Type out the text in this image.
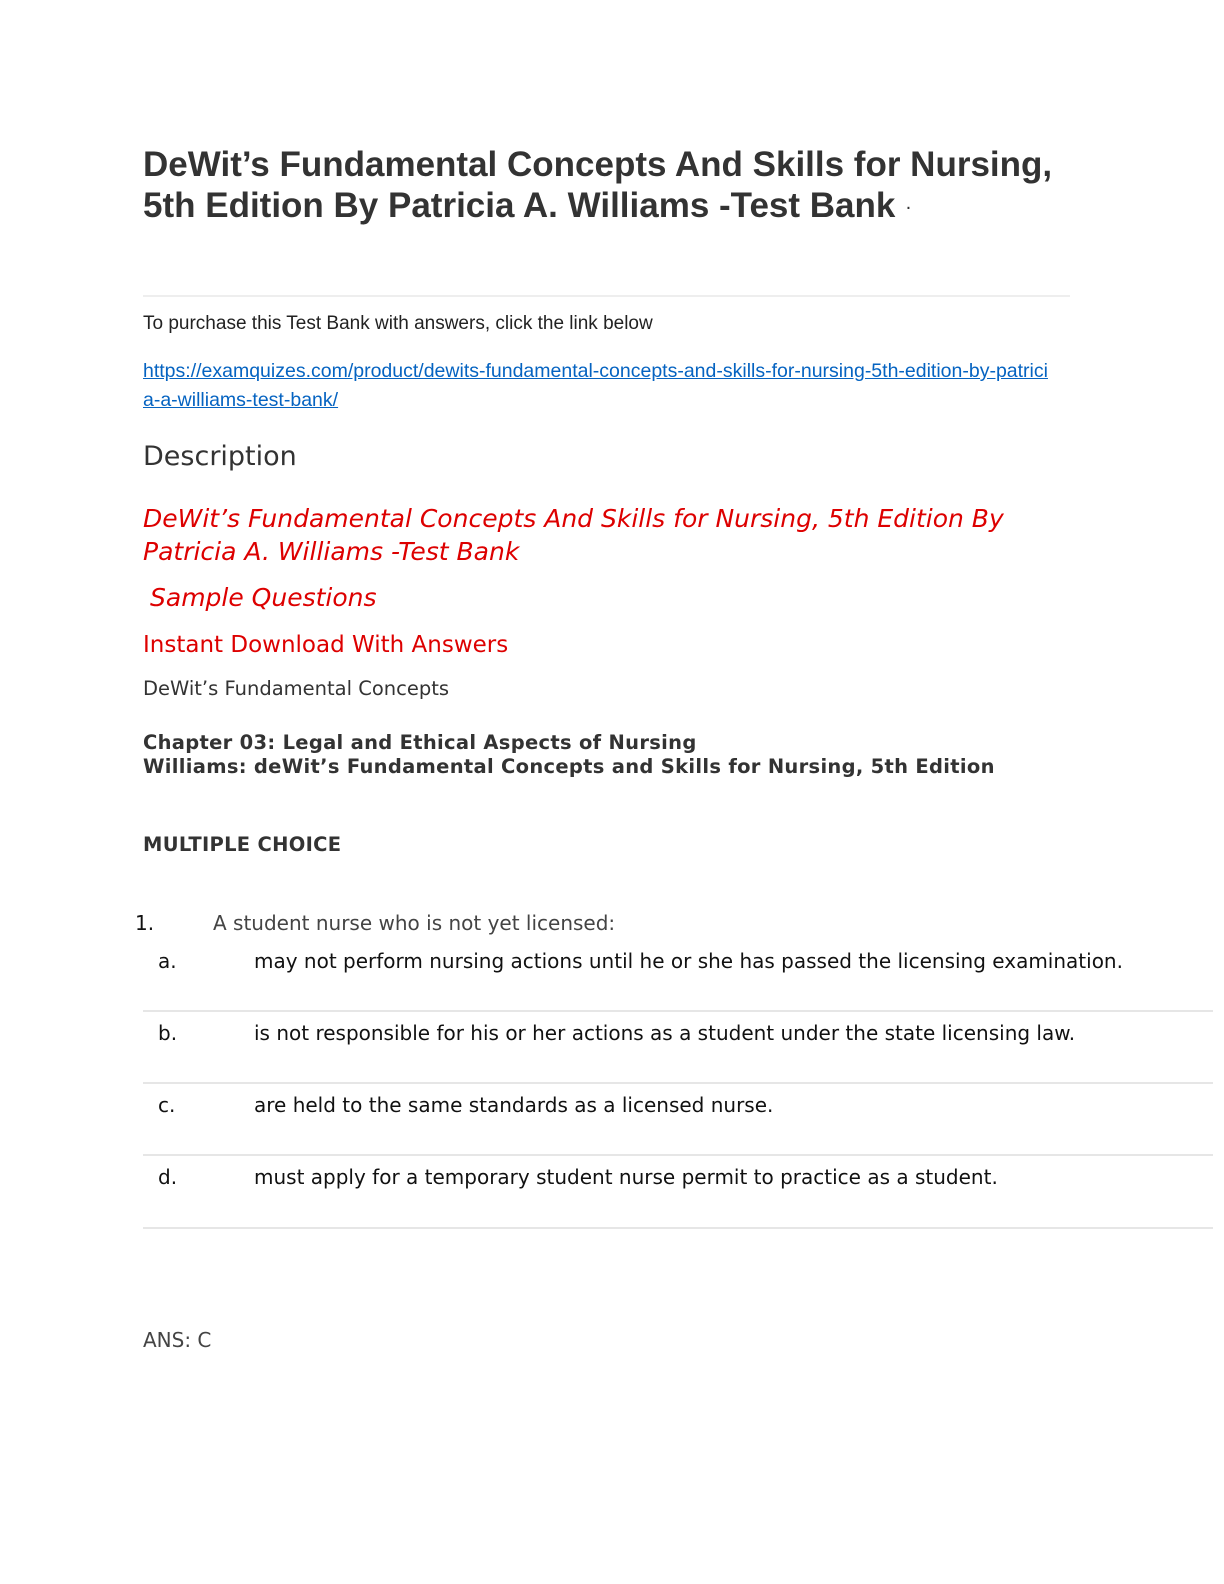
DeWit’s Fundamental Concepts And Skills for Nursing, 5th Edition By Patricia A. Williams -Test Bank ·

To purchase this Test Bank with answers, click the link below

https://examquizes.com/product/dewits-fundamental-concepts-and-skills-for-nursing-5th-edition-by-patricia-a-williams-test-bank/
Description
DeWit’s Fundamental Concepts And Skills for Nursing, 5th Edition By Patricia A. Williams -Test Bank

Sample Questions

Instant Download With Answers

DeWit’s Fundamental Concepts

Chapter 03: Legal and Ethical Aspects of Nursing
Williams: deWit’s Fundamental Concepts and Skills for Nursing, 5th Edition

MULTIPLE CHOICE

1.	A student nurse who is not yet licensed:
a.	may not perform nursing actions until he or she has passed the licensing examination.
b.	is not responsible for his or her actions as a student under the state licensing law.
c.	are held to the same standards as a licensed nurse.
d.	must apply for a temporary student nurse permit to practice as a student.

ANS: C
